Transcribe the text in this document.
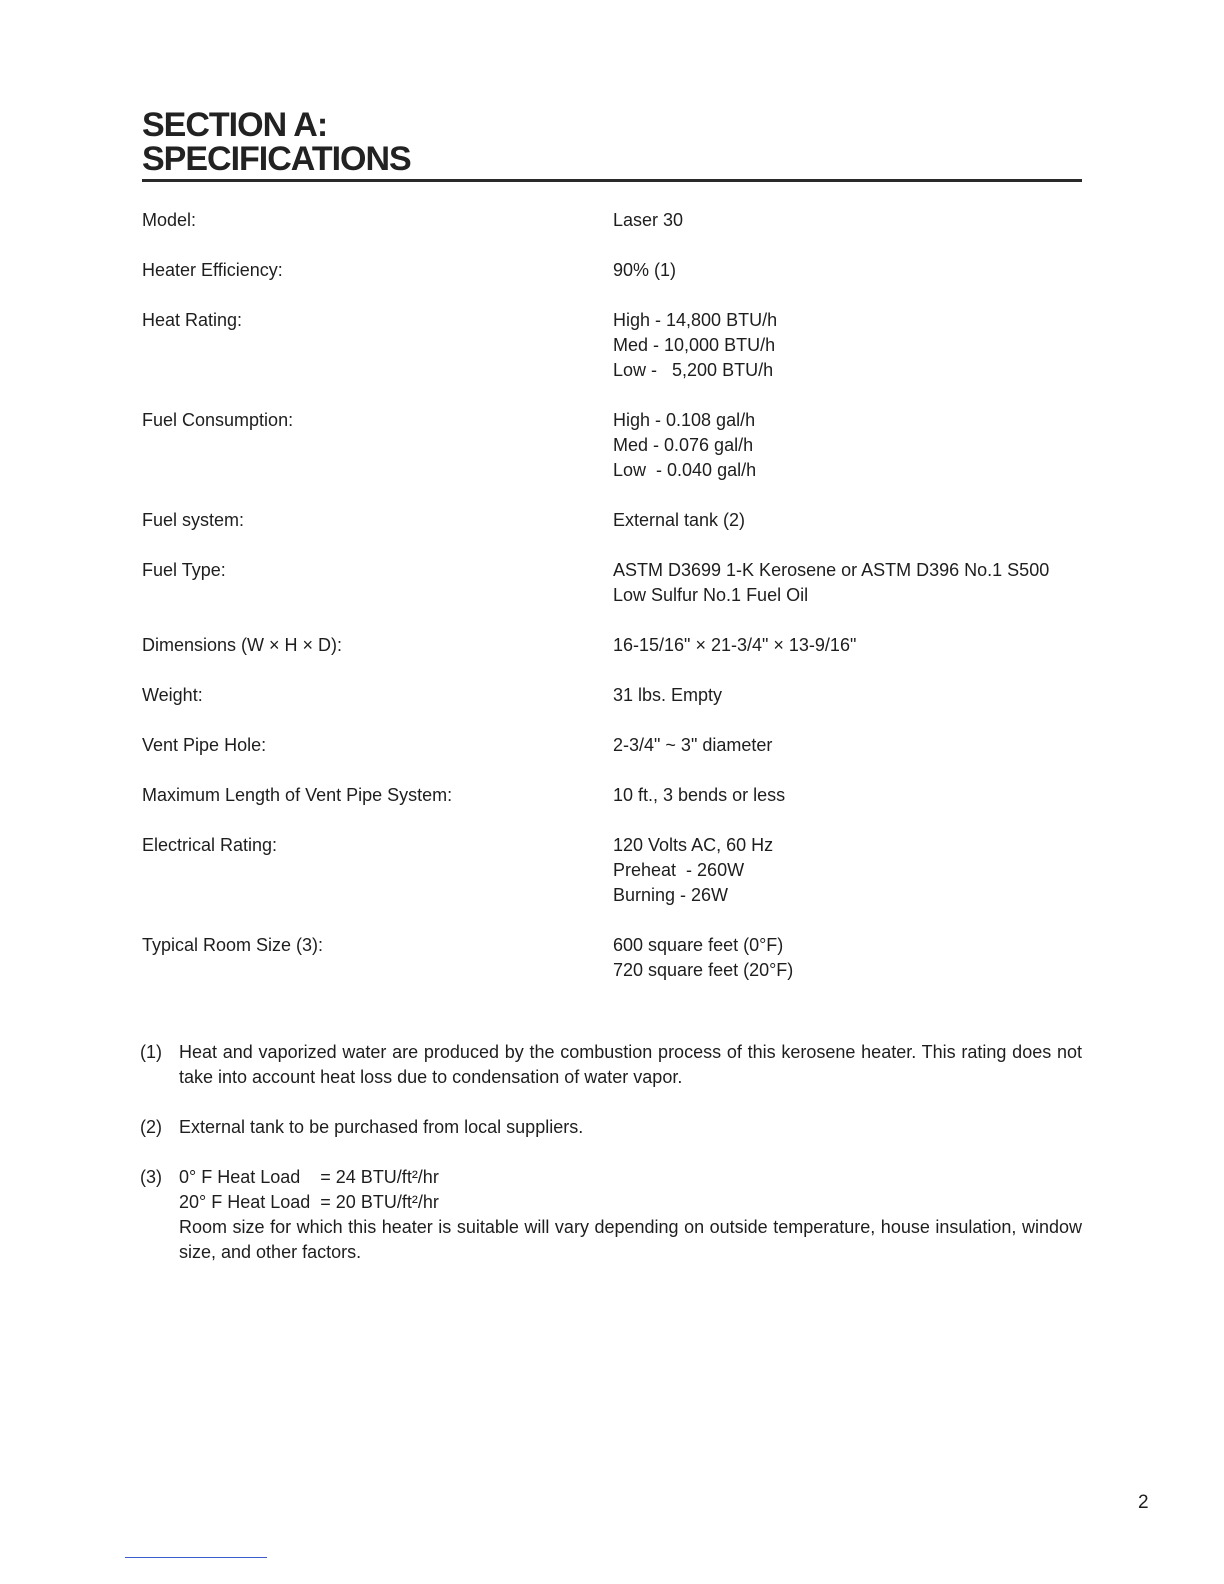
SECTION A:
SPECIFICATIONS
Model:	Laser 30
Heater Efficiency:	90% (1)
Heat Rating:	High - 14,800 BTU/h
Med - 10,000 BTU/h
Low -   5,200 BTU/h
Fuel Consumption:	High - 0.108 gal/h
Med - 0.076 gal/h
Low  - 0.040 gal/h
Fuel system:	External tank (2)
Fuel Type:	ASTM D3699 1-K Kerosene or ASTM D396 No.1 S500
Low Sulfur No.1 Fuel Oil
Dimensions (W × H × D):	16-15/16" × 21-3/4" × 13-9/16"
Weight:	31 lbs. Empty
Vent Pipe Hole:	2-3/4" ~ 3" diameter
Maximum Length of Vent Pipe System:	10 ft., 3 bends or less
Electrical Rating:	120 Volts AC, 60 Hz
Preheat  - 260W
Burning - 26W
Typical Room Size (3):	600 square feet (0°F)
720 square feet (20°F)
(1) Heat and vaporized water are produced by the combustion process of this kerosene heater. This rating does not take into account heat loss due to condensation of water vapor.
(2) External tank to be purchased from local suppliers.
(3) 0° F Heat Load    = 24 BTU/ft²/hr
20° F Heat Load  = 20 BTU/ft²/hr
Room size for which this heater is suitable will vary depending on outside temperature, house insulation, window size, and other factors.
2
